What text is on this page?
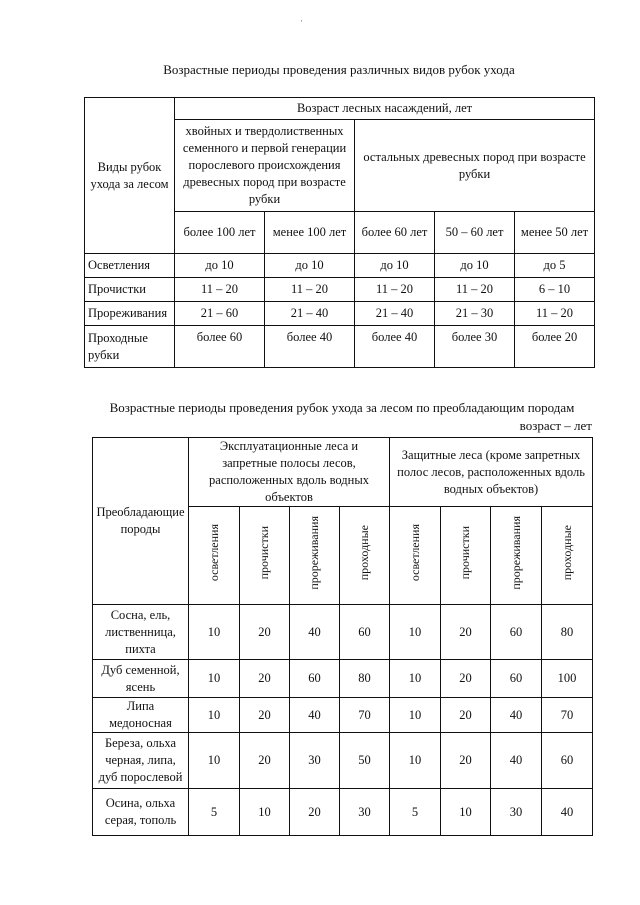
·
Возрастные периоды проведения различных видов рубок ухода
Виды рубок ухода за лесом	Возраст лесных насаждений, лет				
	хвойных и твердолиственных семенного и первой генерации порослевого происхождения древесных пород при возрасте рубки		остальных древесных пород при возрасте рубки		
	более 100 лет	менее 100 лет	более 60 лет	50 – 60 лет	менее 50 лет
Осветления	до 10	до 10	до 10	до 10	до 5
Прочистки	11 – 20	11 – 20	11 – 20	11 – 20	6 – 10
Прореживания	21 – 60	21 – 40	21 – 40	21 – 30	11 – 20
Проходные рубки	более 60	более 40	более 40	более 30	более 20
Возрастные периоды проведения рубок ухода за лесом по преобладающим породам
возраст – лет
Преобладающие породы	Эксплуатационные леса и запретные полосы лесов, расположенных вдоль водных объектов				Защитные леса (кроме запретных полос лесов, расположенных вдоль водных объектов)			
	осветления	прочистки	прореживания	проходные	осветления	прочистки	прореживания	проходные
Сосна, ель, лиственница, пихта	10	20	40	60	10	20	60	80
Дуб семенной, ясень	10	20	60	80	10	20	60	100
Липа медоносная	10	20	40	70	10	20	40	70
Береза, ольха черная, липа, дуб порослевой	10	20	30	50	10	20	40	60
Осина, ольха серая, тополь	5	10	20	30	5	10	30	40
